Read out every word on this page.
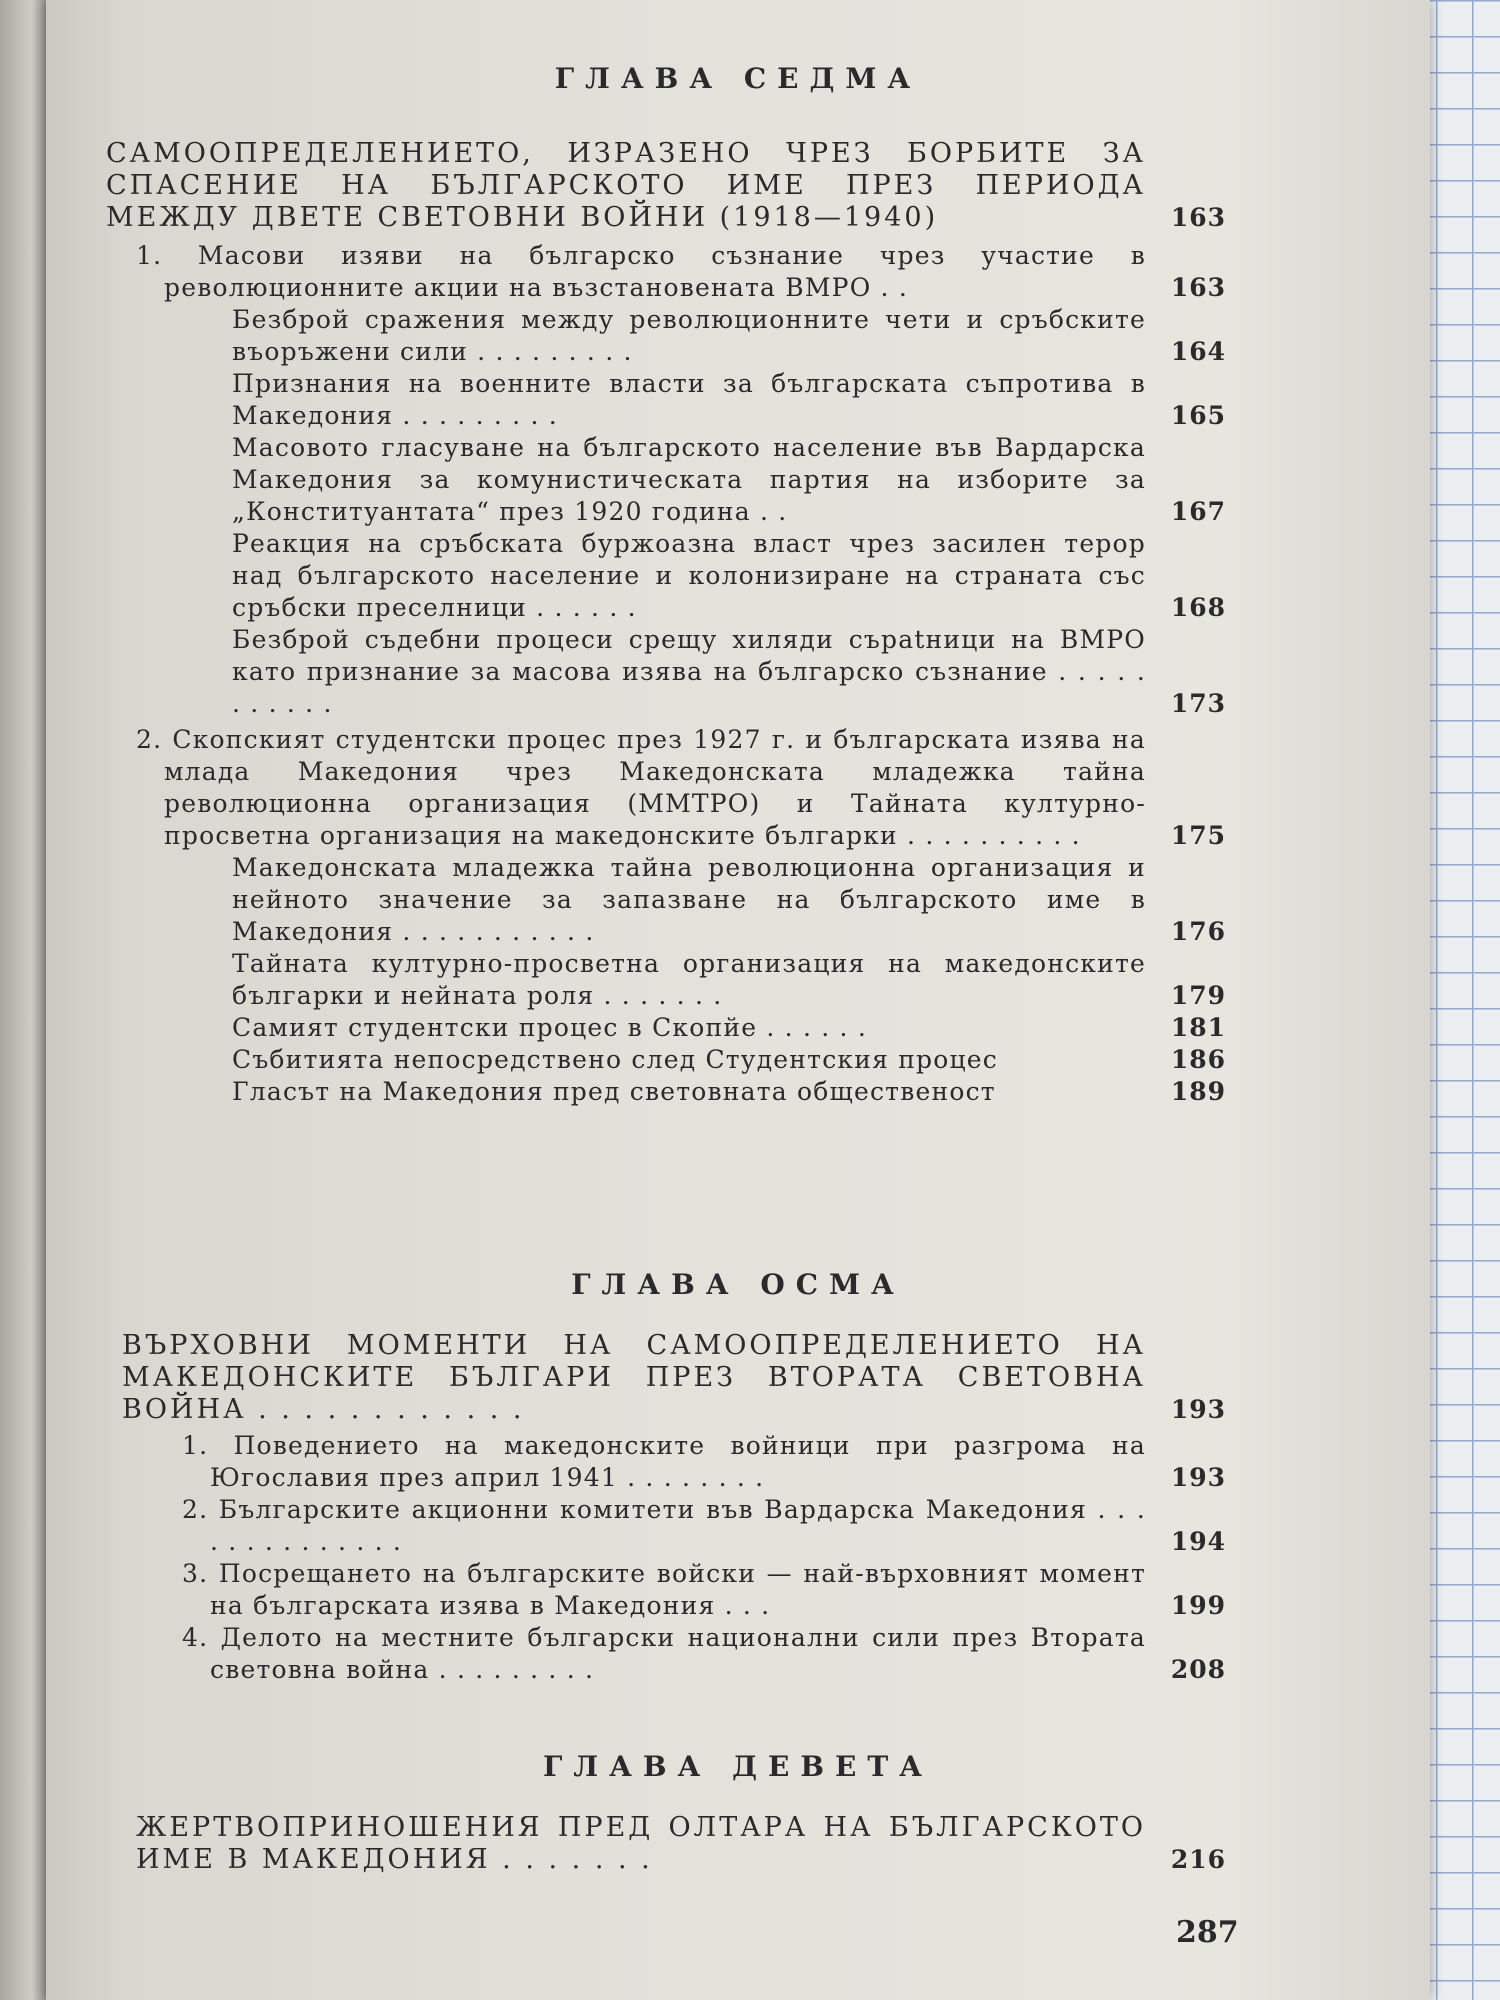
ГЛАВА СЕДМА
САМООПРЕДЕЛЕНИЕТО, ИЗРАЗЕНО ЧРЕЗ БОРБИТЕ ЗА СПАСЕНИЕ НА БЪЛГАРСКОТО ИМЕ ПРЕЗ ПЕРИОДА МЕЖДУ ДВЕТЕ СВЕТОВНИ ВОЙНИ (1918—1940)	163
1. Масови изяви на българско съзнание чрез участие в революционните акции на възстановената ВМРО . .	163
Безброй сражения между революционните чети и сръбските въоръжени сили . . . . . . . . .	164
Признания на военните власти за българската съпротива в Македония . . . . . . . . .	165
Масовото гласуване на българското население във Вардарска Македония за комунистическата партия на изборите за „Конституантата“ през 1920 година . .	167
Реакция на сръбската буржоазна власт чрез засилен терор над българското население и колонизиране на страната със сръбски преселници . . . . . .	168
Безброй съдебни процеси срещу хиляди сърatници на ВМРО като признание за масова изява на българско съзнание . . . . . . . . . . .	173
2. Скопският студентски процес през 1927 г. и българската изява на млада Македония чрез Македонската младежка тайна революционна организация (ММТРО) и Тайната културно-просветна организация на македонските българки . . . . . . . . . .	175
Македонската младежка тайна революционна организация и нейното значение за запазване на българското име в Македония . . . . . . . . . . .	176
Тайната културно-просветна организация на македонските българки и нейната роля . . . . . . .	179
Самият студентски процес в Скопйе . . . . . .	181
Събитията непосредствено след Студентския процес	186
Гласът на Македония пред световната общественост	189
ГЛАВА ОСМА
ВЪРХОВНИ МОМЕНТИ НА САМООПРЕДЕЛЕНИЕТО НА МАКЕДОНСКИТЕ БЪЛГАРИ ПРЕЗ ВТОРАТА СВЕТОВНА ВОЙНА . . . . . . . . . . . .	193
1. Поведението на македонските войници при разгрома на Югославия през април 1941 . . . . . . . .	193
2. Българските акционни комитети във Вардарска Македония . . . . . . . . . . . . . .	194
3. Посрещането на българските войски — най-върховният момент на българската изява в Македония . . .	199
4. Делото на местните български национални сили през Втората световна война . . . . . . . . .	208
ГЛАВА ДЕВЕТА
ЖЕРТВОПРИНОШЕНИЯ ПРЕД ОЛТАРА НА БЪЛГАРСКОТО ИМЕ В МАКЕДОНИЯ . . . . . . .	216
287
